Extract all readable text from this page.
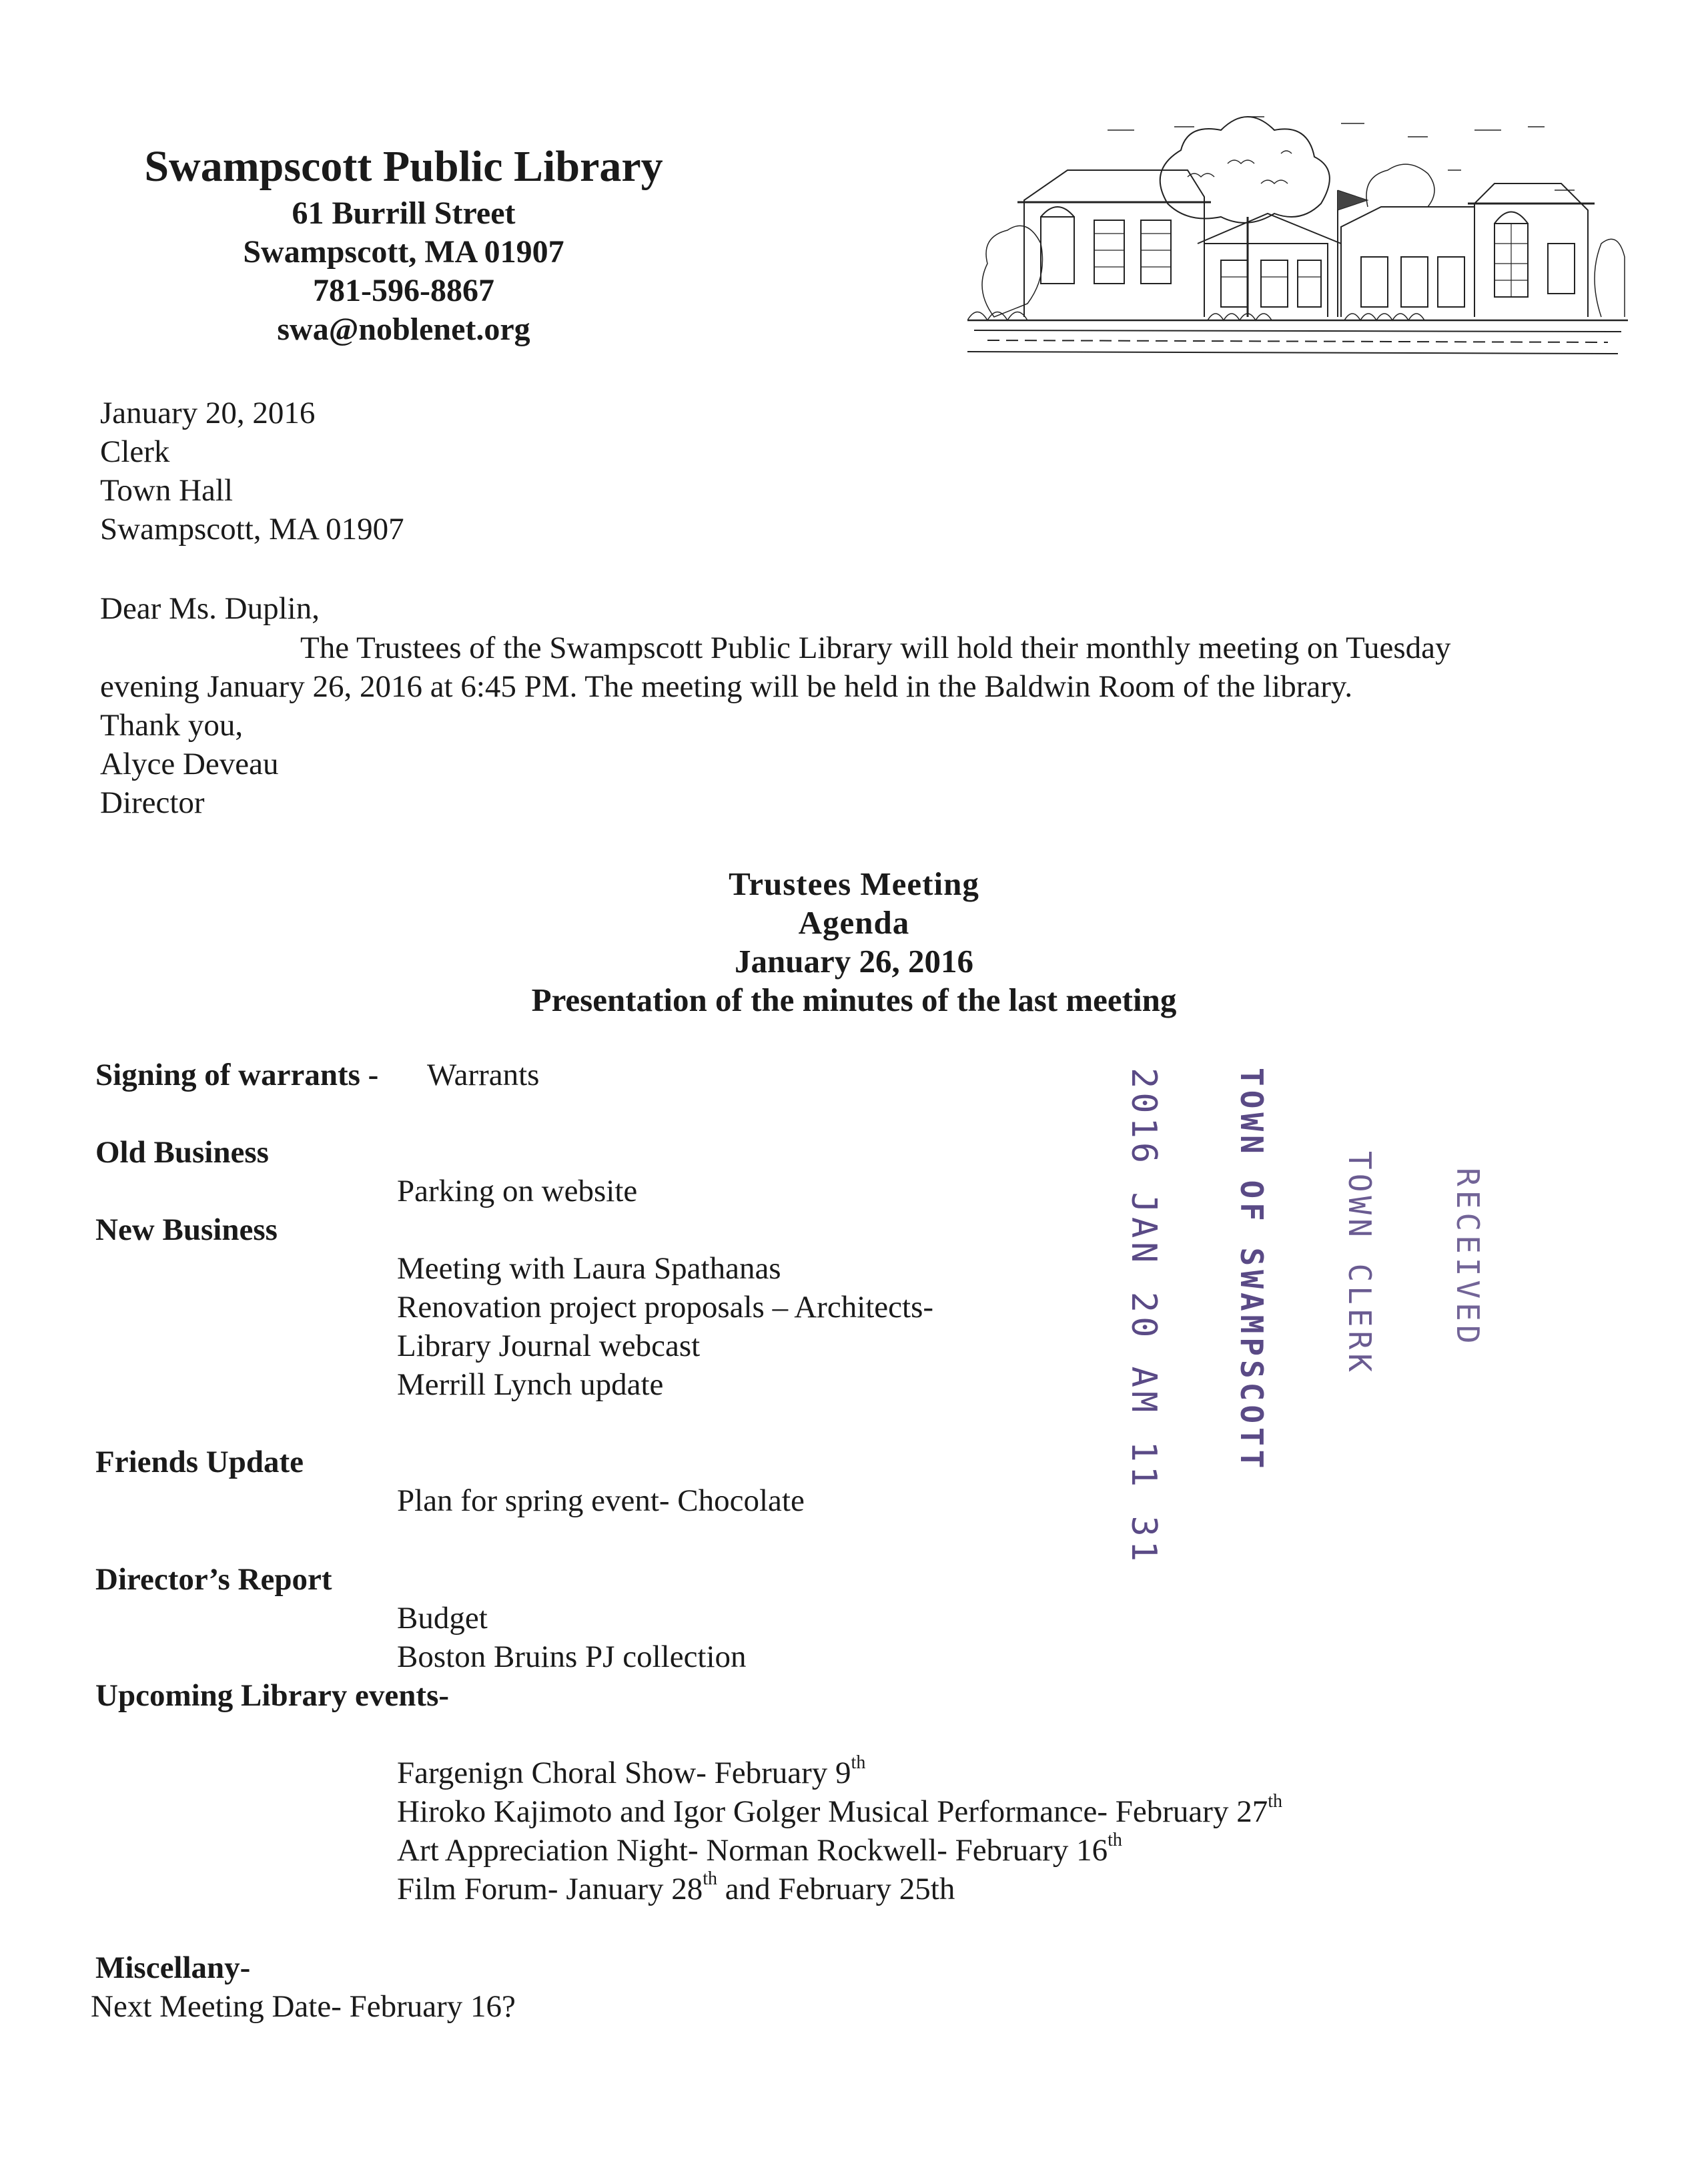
Swampscott Public Library
61 Burrill Street
Swampscott, MA 01907
781-596-8867
swa@noblenet.org
January 20, 2016
Clerk
Town Hall
Swampscott, MA 01907
Dear Ms. Duplin,
The Trustees of the Swampscott Public Library will hold their monthly meeting on Tuesday
evening January 26, 2016 at 6:45 PM. The meeting will be held in the Baldwin Room of the library.
Thank you,
Alyce Deveau
Director
Trustees Meeting
Agenda
January 26, 2016
Presentation of the minutes of the last meeting
Signing of warrants - Warrants
Old Business
Parking on website
New Business
Meeting with Laura Spathanas
Renovation project proposals – Architects-
Library Journal webcast
Merrill Lynch update
Friends Update
Plan for spring event- Chocolate
Director’s Report
Budget
Boston Bruins PJ collection
Upcoming Library events-
Fargenign Choral Show- February 9th
Hiroko Kajimoto and Igor Golger Musical Performance- February 27th
Art Appreciation Night- Norman Rockwell- February 16th
Film Forum- January 28th and February 25th
Miscellany-
Next Meeting Date- February 16?

RECEIVED

TOWN CLERK

TOWN OF SWAMPSCOTT

2016 JAN 20 AM 11 31
